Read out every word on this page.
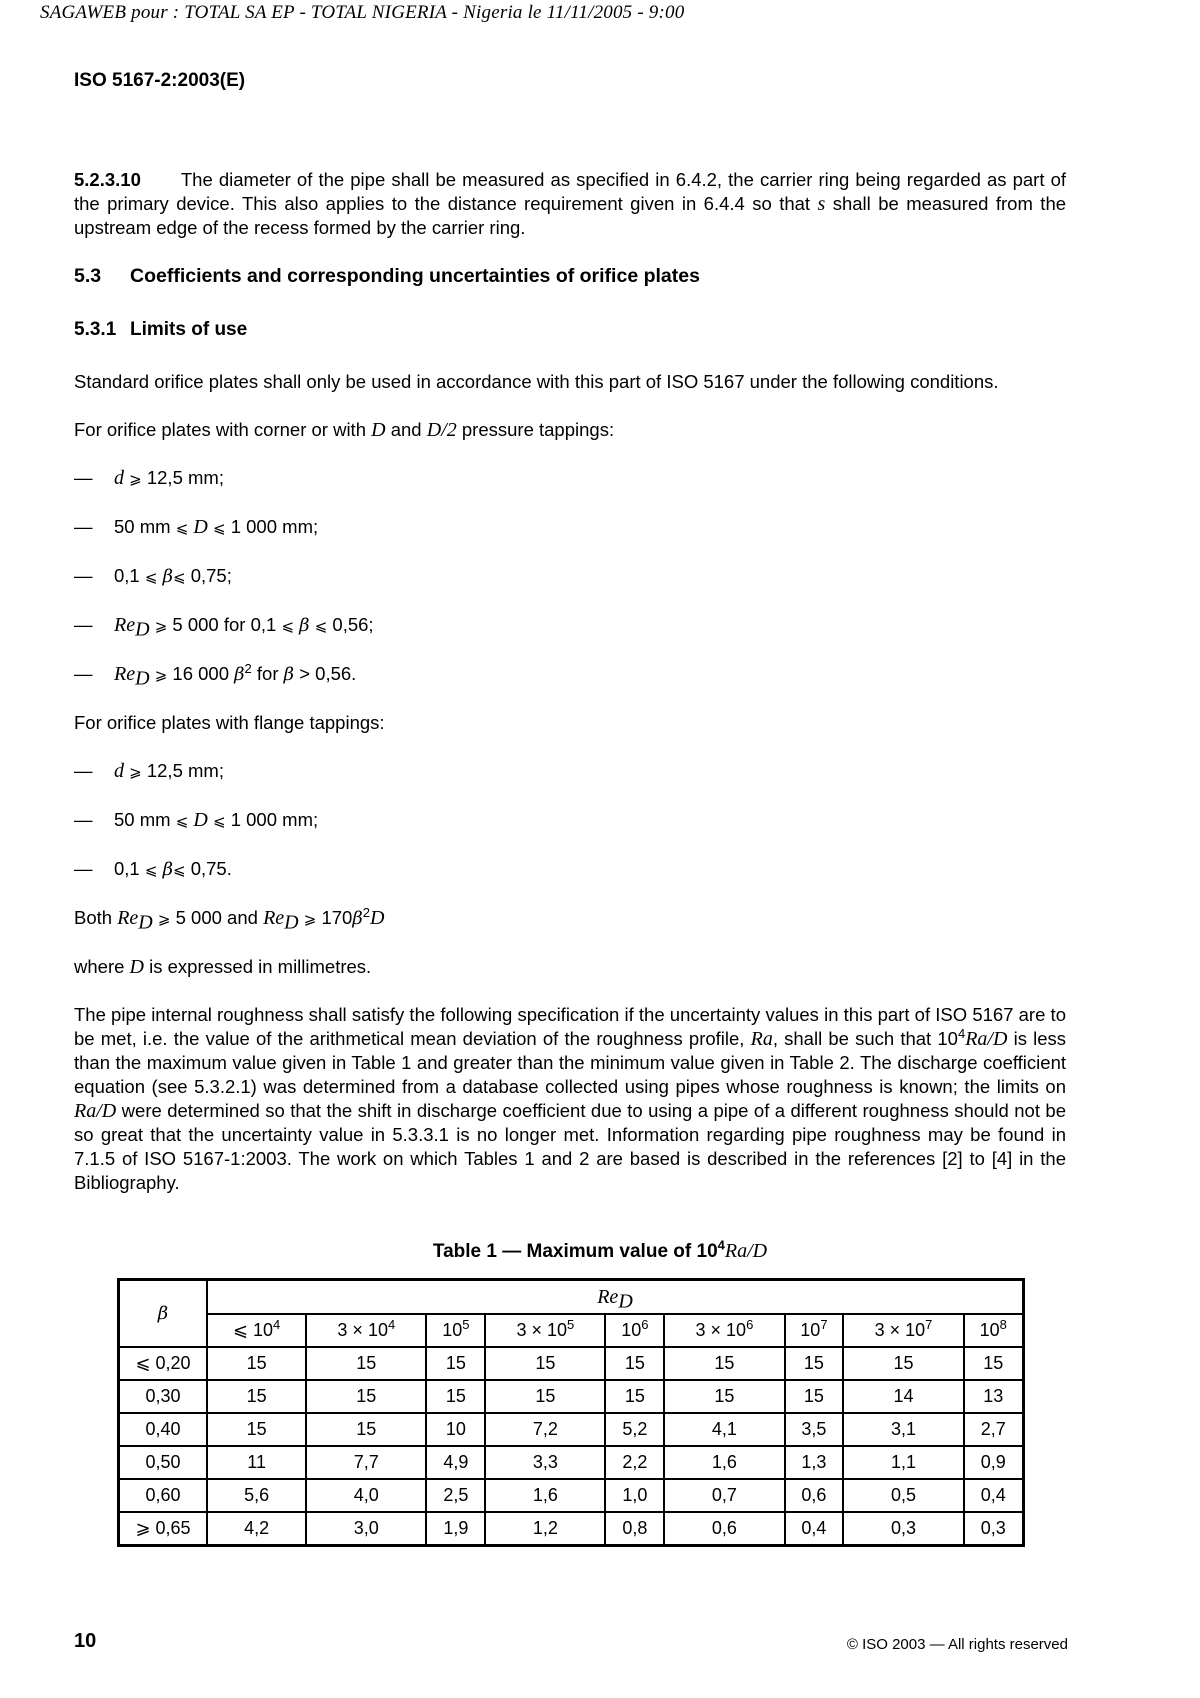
SAGAWEB pour : TOTAL SA EP - TOTAL NIGERIA - Nigeria le 11/11/2005 - 9:00
ISO 5167-2:2003(E)

5.2.3.10 The diameter of the pipe shall be measured as specified in 6.4.2, the carrier ring being regarded as part of the primary device. This also applies to the distance requirement given in 6.4.4 so that s shall be measured from the upstream edge of the recess formed by the carrier ring.

5.3 Coefficients and corresponding uncertainties of orifice plates
5.3.1 Limits of use

Standard orifice plates shall only be used in accordance with this part of ISO 5167 under the following conditions.

For orifice plates with corner or with D and D/2 pressure tappings:

— d ⩾ 12,5 mm;
— 50 mm ⩽ D ⩽ 1 000 mm;
— 0,1 ⩽ β⩽ 0,75;
— $Re_D$ ⩾ 5 000 for 0,1 ⩽ β ⩽ 0,56;
— $Re_D$ ⩾ 16 000 $\beta^2$ for β > 0,56.

For orifice plates with flange tappings:

— d ⩾ 12,5 mm;
— 50 mm ⩽ D ⩽ 1 000 mm;
— 0,1 ⩽ β⩽ 0,75.

Both $Re_D$ ⩾ 5 000 and $Re_D$ ⩾ $170\beta^2D$

where D is expressed in millimetres.

The pipe internal roughness shall satisfy the following specification if the uncertainty values in this part of ISO 5167 are to be met, i.e. the value of the arithmetical mean deviation of the roughness profile, Ra, shall be such that $10^4Ra/D$ is less than the maximum value given in Table 1 and greater than the minimum value given in Table 2. The discharge coefficient equation (see 5.3.2.1) was determined from a database collected using pipes whose roughness is known; the limits on Ra/D were determined so that the shift in discharge coefficient due to using a pipe of a different roughness should not be so great that the uncertainty value in 5.3.3.1 is no longer met. Information regarding pipe roughness may be found in 7.1.5 of ISO 5167-1:2003. The work on which Tables 1 and 2 are based is described in the references [2] to [4] in the Bibliography.

Table 1 — Maximum value of $10^4Ra/D$
β	$Re_D$
	⩽ $10^4$	$3 \times 10^4$	$10^5$	$3 \times 10^5$	$10^6$	$3 \times 10^6$	$10^7$	$3 \times 10^7$	$10^8$
⩽ 0,20	15	15	15	15	15	15	15	15	15
0,30	15	15	15	15	15	15	15	14	13
0,40	15	15	10	7,2	5,2	4,1	3,5	3,1	2,7
0,50	11	7,7	4,9	3,3	2,2	1,6	1,3	1,1	0,9
0,60	5,6	4,0	2,5	1,6	1,0	0,7	0,6	0,5	0,4
⩾ 0,65	4,2	3,0	1,9	1,2	0,8	0,6	0,4	0,3	0,3
10	© ISO 2003 — All rights reserved
